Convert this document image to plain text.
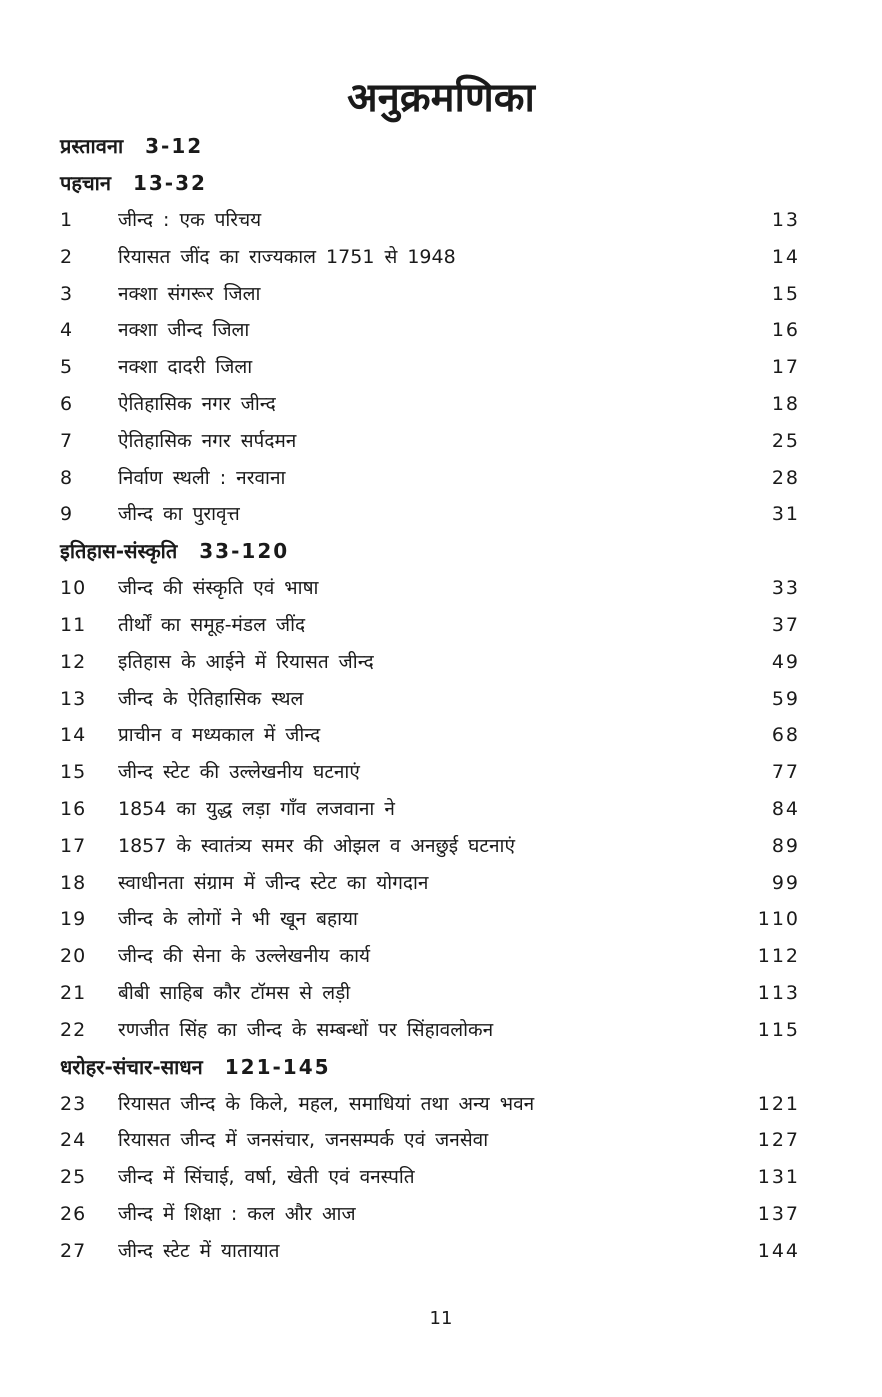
अनुक्रमणिका
प्रस्तावना 3-12
पहचान 13-32
1	जीन्द : एक परिचय	13
2	रियासत जींद का राज्यकाल 1751 से 1948	14
3	नक्शा संगरूर जिला	15
4	नक्शा जीन्द जिला	16
5	नक्शा दादरी जिला	17
6	ऐतिहासिक नगर जीन्द	18
7	ऐतिहासिक नगर सर्पदमन	25
8	निर्वाण स्थली : नरवाना	28
9	जीन्द का पुरावृत्त	31
इतिहास-संस्कृति 33-120
10	जीन्द की संस्कृति एवं भाषा	33
11	तीर्थों का समूह-मंडल जींद	37
12	इतिहास के आईने में रियासत जीन्द	49
13	जीन्द के ऐतिहासिक स्थल	59
14	प्राचीन व मध्यकाल में जीन्द	68
15	जीन्द स्टेट की उल्लेखनीय घटनाएं	77
16	1854 का युद्ध लड़ा गाँव लजवाना ने	84
17	1857 के स्वातंत्र्य समर की ओझल व अनछुई घटनाएं	89
18	स्वाधीनता संग्राम में जीन्द स्टेट का योगदान	99
19	जीन्द के लोगों ने भी खून बहाया	110
20	जीन्द की सेना के उल्लेखनीय कार्य	112
21	बीबी साहिब कौर टॉमस से लड़ी	113
22	रणजीत सिंह का जीन्द के सम्बन्धों पर सिंहावलोकन	115
धरोहर-संचार-साधन 121-145
23	रियासत जीन्द के किले, महल, समाधियां तथा अन्य भवन	121
24	रियासत जीन्द में जनसंचार, जनसम्पर्क एवं जनसेवा	127
25	जीन्द में सिंचाई, वर्षा, खेती एवं वनस्पति	131
26	जीन्द में शिक्षा : कल और आज	137
27	जीन्द स्टेट में यातायात	144
11
